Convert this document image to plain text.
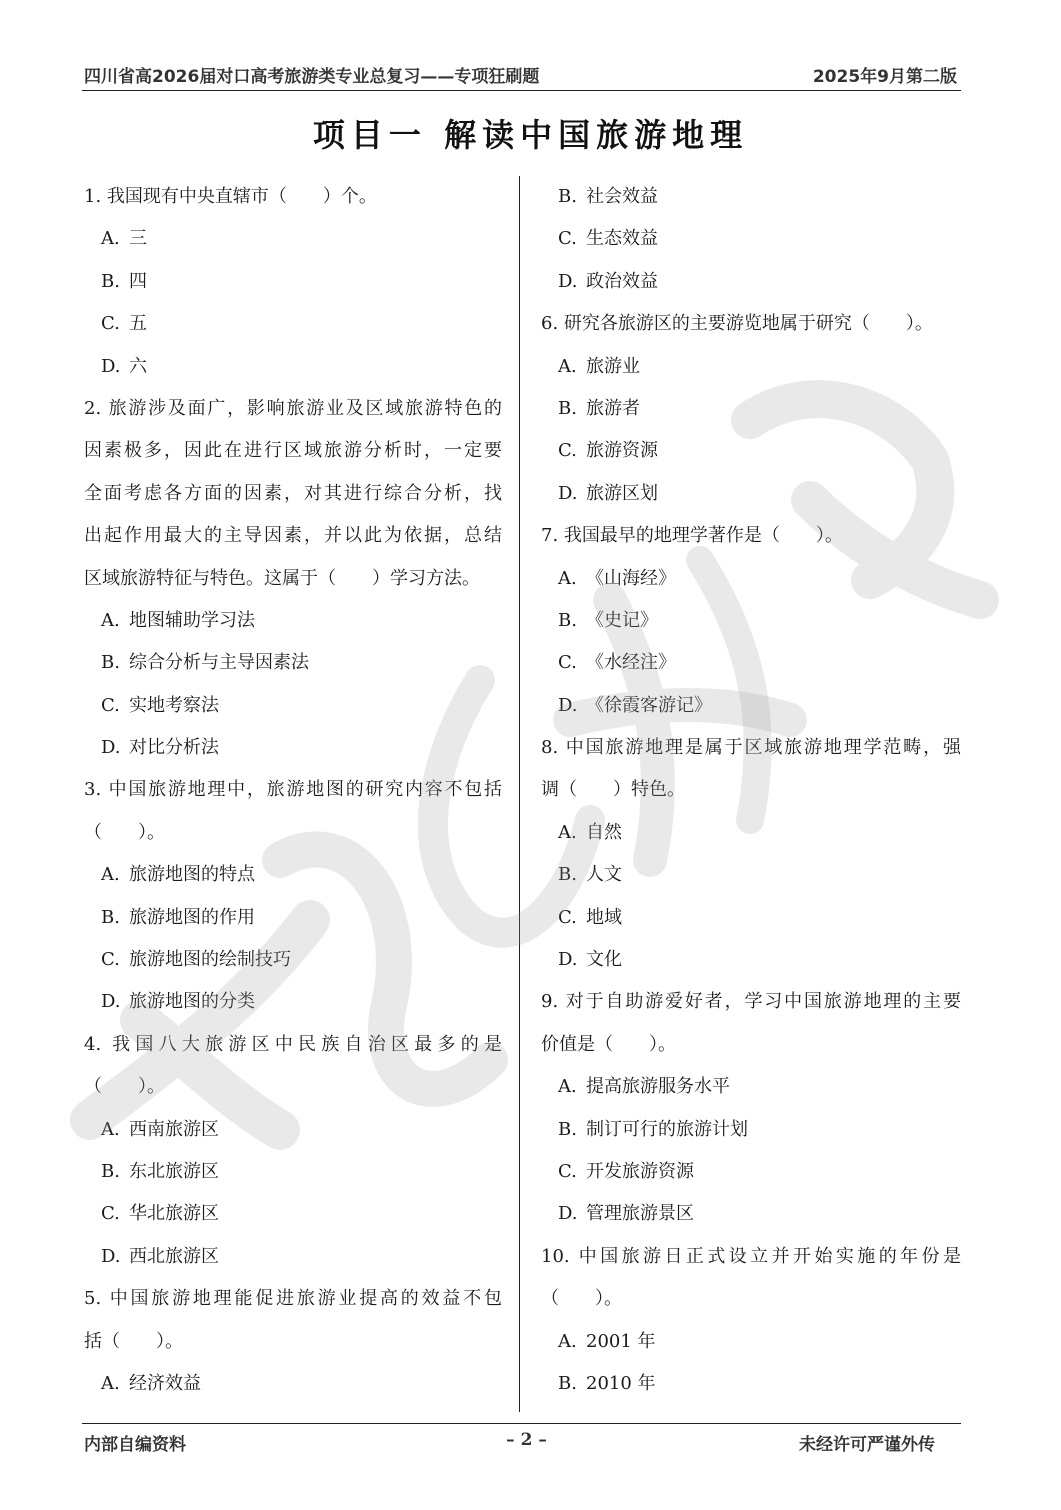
四川省高2026届对口高考旅游类专业总复习——专项狂刷题	2025年9月第二版
项目一 解读中国旅游地理
1. 我国现有中央直辖市（　　）个。
A. 三
B. 四
C. 五
D. 六
2. 旅游涉及面广，影响旅游业及区域旅游特色的
因素极多，因此在进行区域旅游分析时，一定要
全面考虑各方面的因素，对其进行综合分析，找
出起作用最大的主导因素，并以此为依据，总结
区域旅游特征与特色。这属于（　　）学习方法。
A. 地图辅助学习法
B. 综合分析与主导因素法
C. 实地考察法
D. 对比分析法
3. 中国旅游地理中，旅游地图的研究内容不包括
（　　）。
A. 旅游地图的特点
B. 旅游地图的作用
C. 旅游地图的绘制技巧
D. 旅游地图的分类
4. 我国八大旅游区中民族自治区最多的是
（　　）。
A. 西南旅游区
B. 东北旅游区
C. 华北旅游区
D. 西北旅游区
5. 中国旅游地理能促进旅游业提高的效益不包
括（　　）。
A. 经济效益
B. 社会效益
C. 生态效益
D. 政治效益
6. 研究各旅游区的主要游览地属于研究（　　）。
A. 旅游业
B. 旅游者
C. 旅游资源
D. 旅游区划
7. 我国最早的地理学著作是（　　）。
A. 《山海经》
B. 《史记》
C. 《水经注》
D. 《徐霞客游记》
8. 中国旅游地理是属于区域旅游地理学范畴，强
调（　　）特色。
A. 自然
B. 人文
C. 地域
D. 文化
9. 对于自助游爱好者，学习中国旅游地理的主要
价值是（　　）。
A. 提高旅游服务水平
B. 制订可行的旅游计划
C. 开发旅游资源
D. 管理旅游景区
10. 中国旅游日正式设立并开始实施的年份是
（　　）。
A. 2001 年
B. 2010 年
内部自编资料	– 2 –	未经许可严谨外传
